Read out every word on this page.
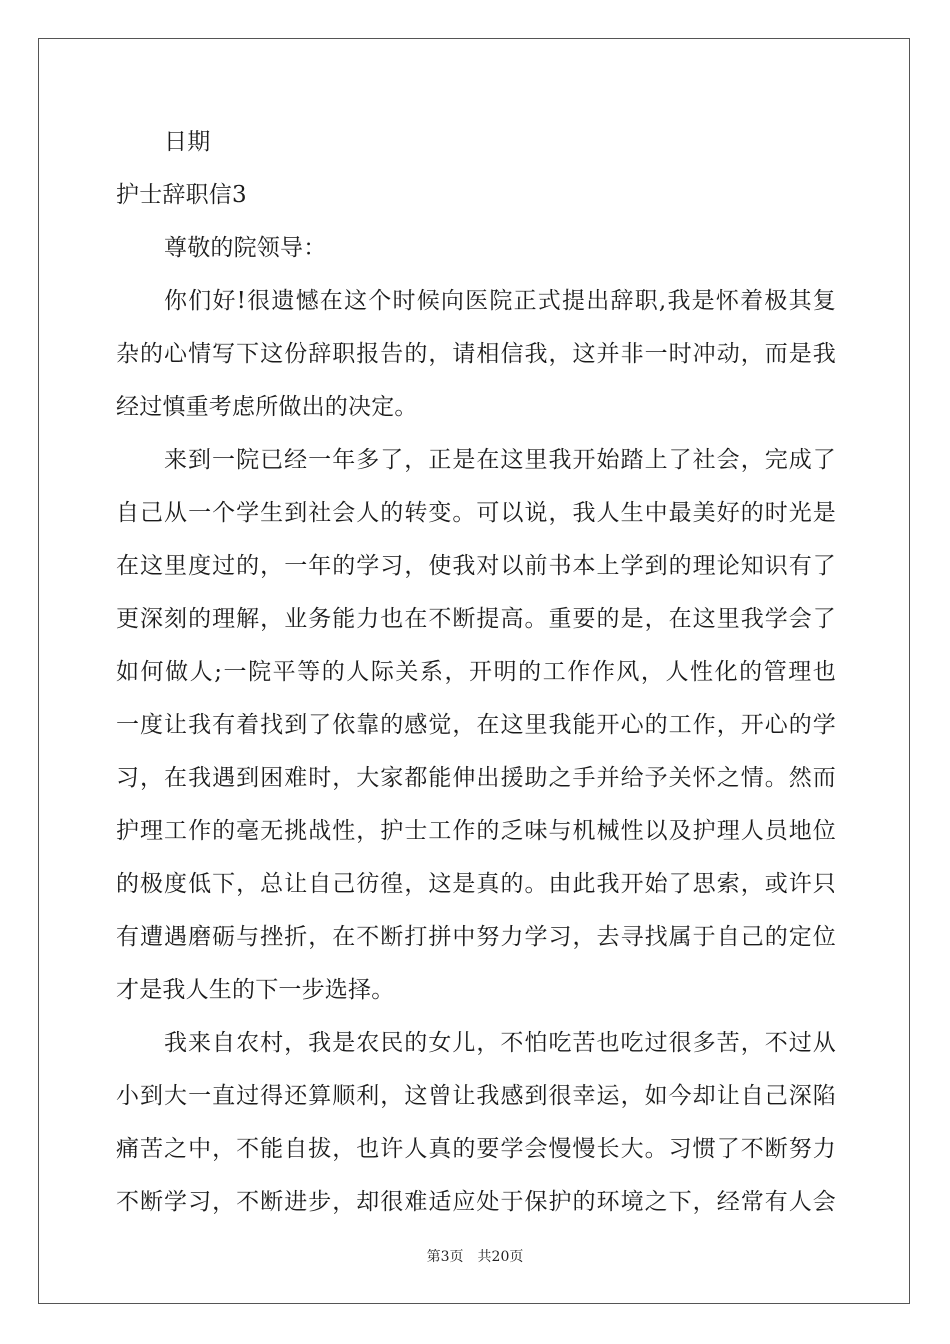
日期
护士辞职信3
尊敬的院领导：
你们好!很遗憾在这个时候向医院正式提出辞职,我是怀着极其复
杂的心情写下这份辞职报告的，请相信我，这并非一时冲动，而是我
经过慎重考虑所做出的决定。
来到一院已经一年多了，正是在这里我开始踏上了社会，完成了
自己从一个学生到社会人的转变。可以说，我人生中最美好的时光是
在这里度过的，一年的学习，使我对以前书本上学到的理论知识有了
更深刻的理解，业务能力也在不断提高。重要的是，在这里我学会了
如何做人;一院平等的人际关系，开明的工作作风，人性化的管理也
一度让我有着找到了依靠的感觉，在这里我能开心的工作，开心的学
习，在我遇到困难时，大家都能伸出援助之手并给予关怀之情。然而
护理工作的毫无挑战性，护士工作的乏味与机械性以及护理人员地位
的极度低下，总让自己彷徨，这是真的。由此我开始了思索，或许只
有遭遇磨砺与挫折，在不断打拼中努力学习，去寻找属于自己的定位
才是我人生的下一步选择。
我来自农村，我是农民的女儿，不怕吃苦也吃过很多苦，不过从
小到大一直过得还算顺利，这曾让我感到很幸运，如今却让自己深陷
痛苦之中，不能自拔，也许人真的要学会慢慢长大。习惯了不断努力
不断学习，不断进步，却很难适应处于保护的环境之下，经常有人会
第3页 共20页
